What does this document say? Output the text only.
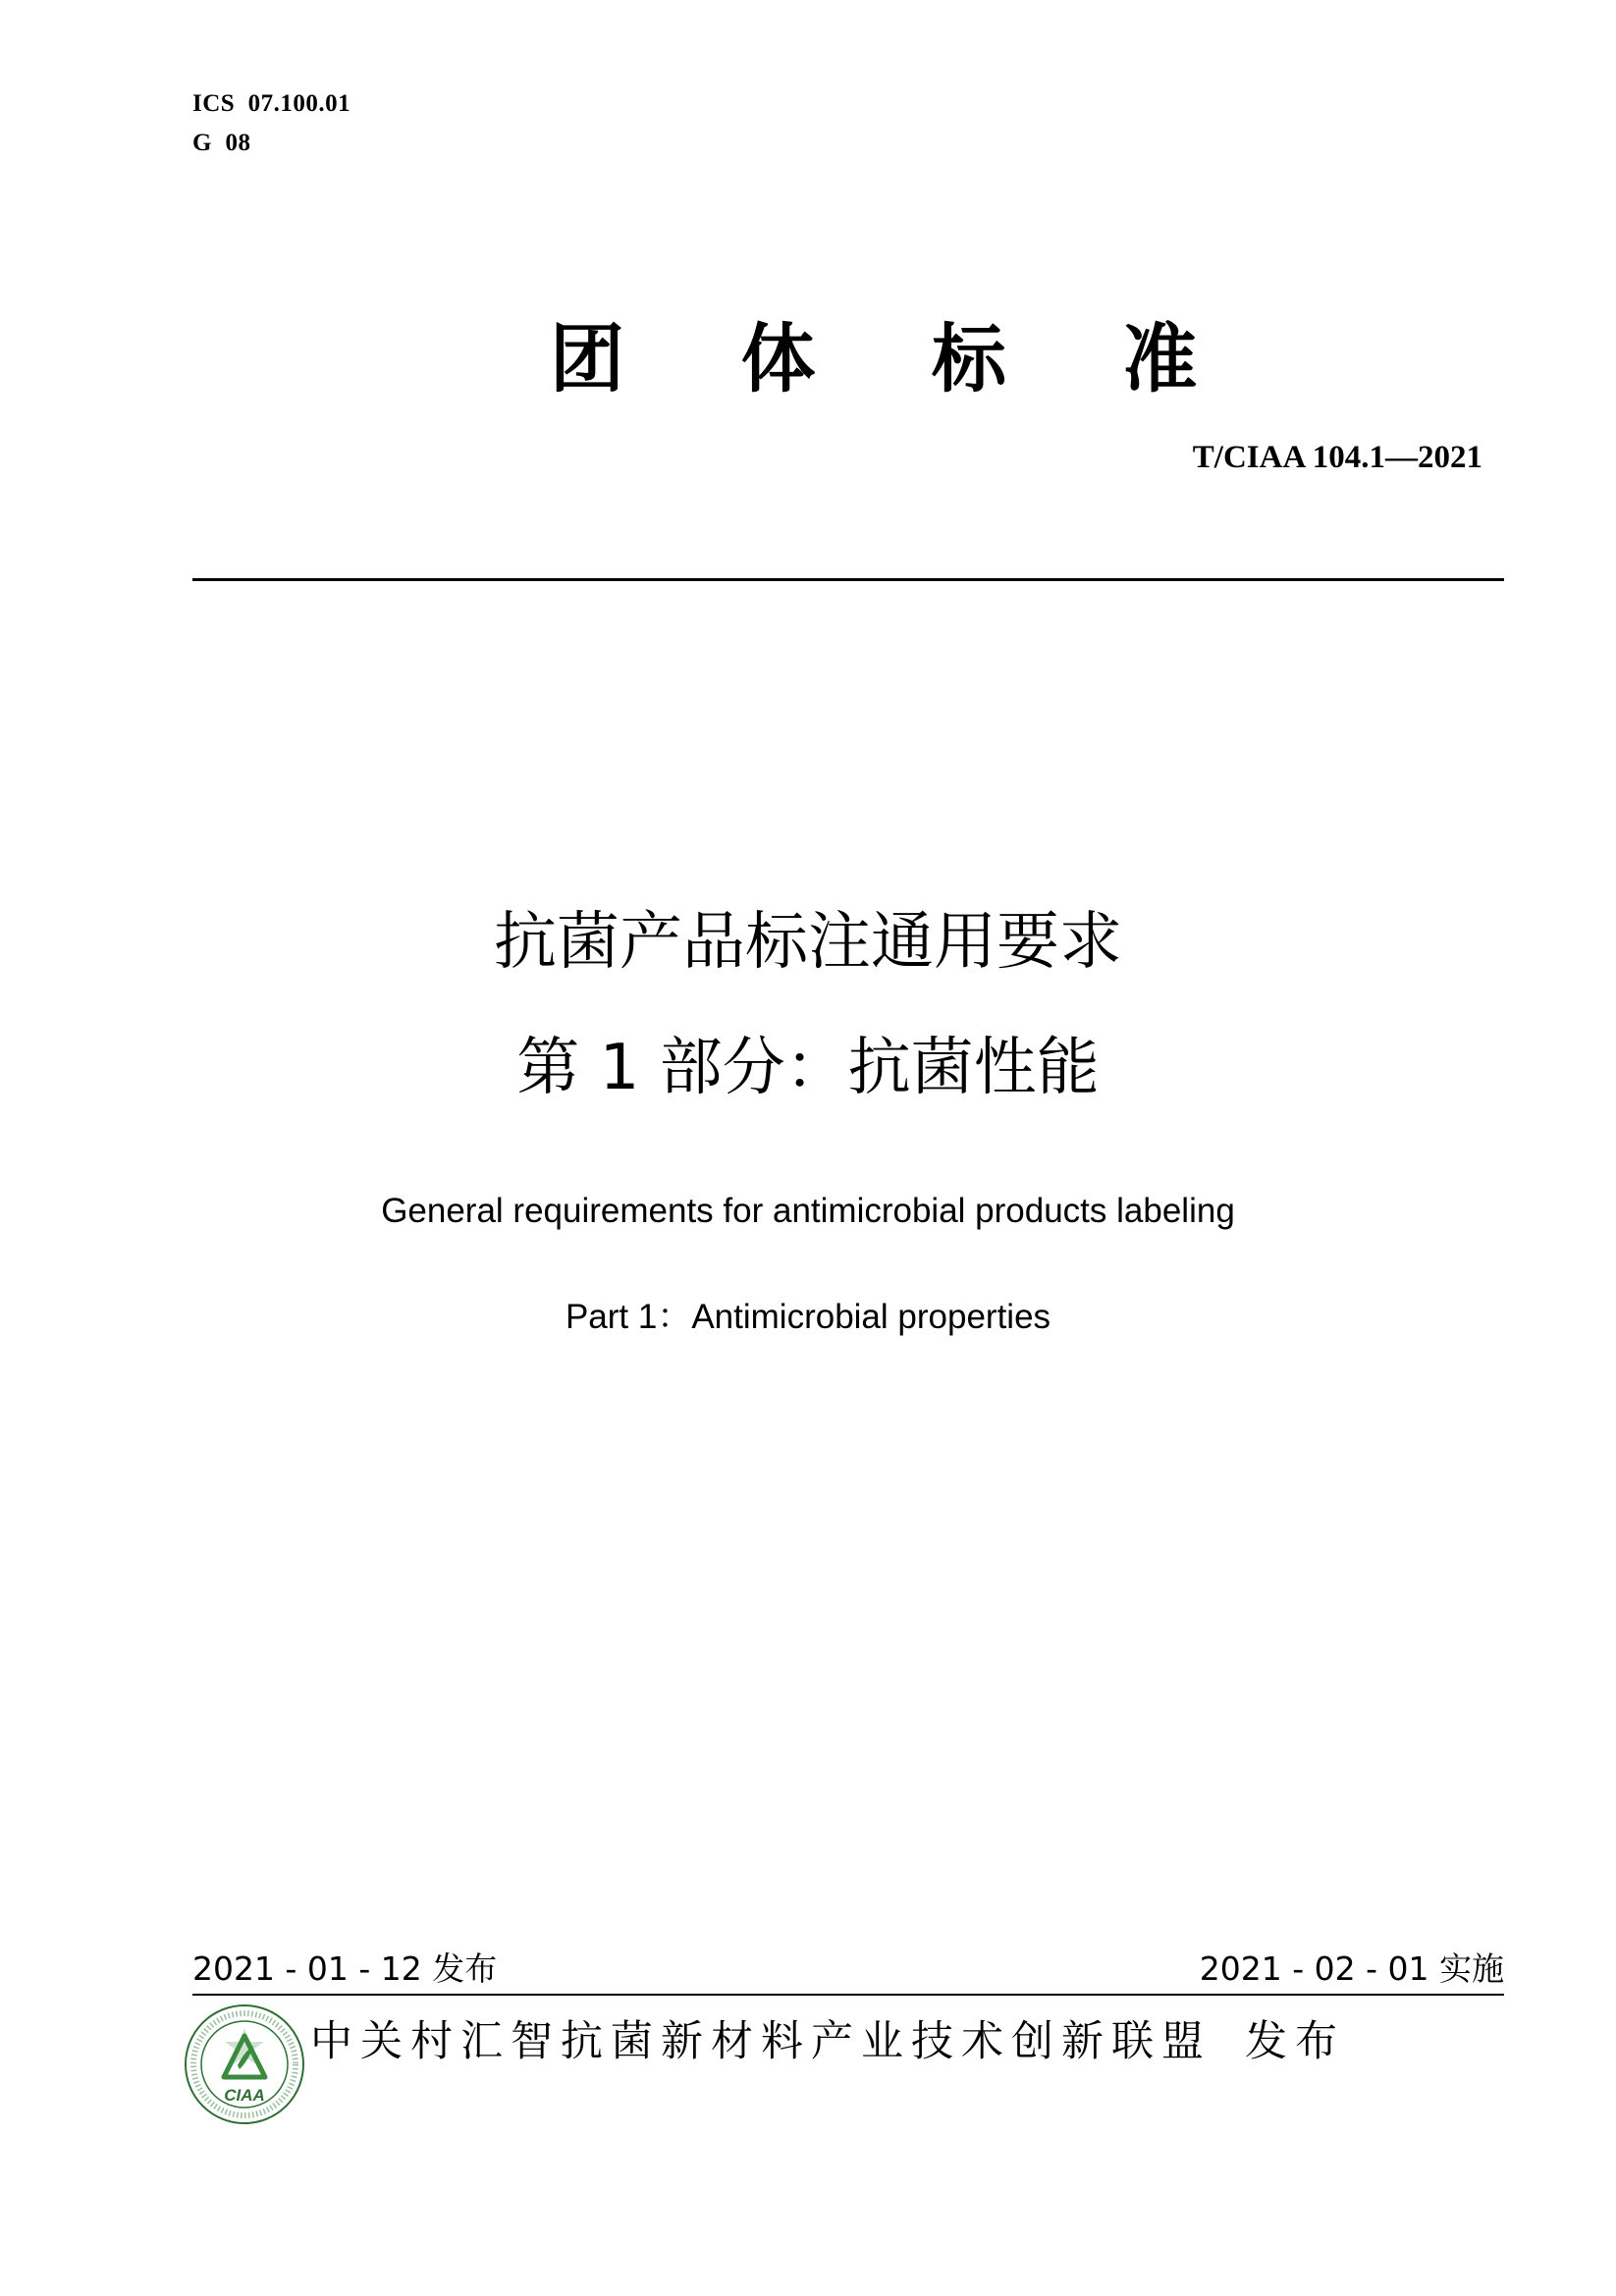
ICS  07.100.01
G  08
团 体 标 准
T/CIAA 104.1—2021
抗菌产品标注通用要求
第 1 部分：抗菌性能
General requirements for antimicrobial products labeling
Part 1：Antimicrobial properties
2021 - 01 - 12 发布	2021 - 02 - 01 实施
CIAA
中关村汇智抗菌新材料产业技术创新联盟 发布
